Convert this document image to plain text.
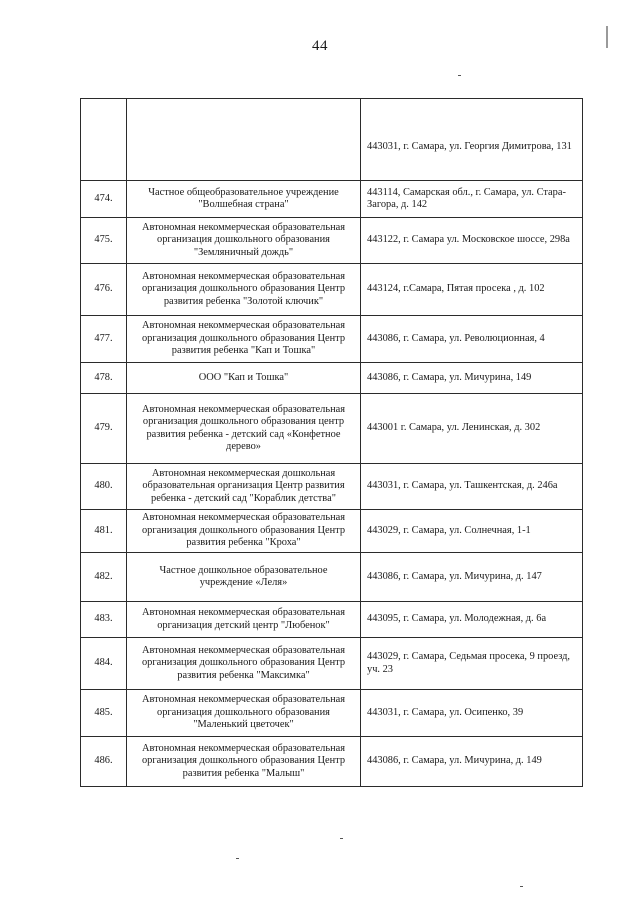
44
		443031, г. Самара, ул. Георгия Димитрова, 131
474.	Частное общеобразовательное учреждение "Волшебная страна"	443114, Самарская обл., г. Самара, ул. Стара-Загора, д. 142
475.	Автономная некоммерческая образовательная организация дошкольного образования "Земляничный дождь"	443122, г. Самара ул. Московское шоссе, 298а
476.	Автономная некоммерческая образовательная организация дошкольного образования Центр развития ребенка "Золотой ключик"	443124, г.Самара, Пятая просека , д. 102
477.	Автономная некоммерческая образовательная организация дошкольного образования Центр развития ребенка "Кап и Тошка"	443086, г. Самара, ул. Революционная, 4
478.	ООО "Кап и Тошка"	443086, г. Самара, ул. Мичурина, 149
479.	Автономная некоммерческая образовательная организация дошкольного образования центр развития ребенка - детский сад «Конфетное дерево»	443001 г. Самара, ул. Ленинская, д. 302
480.	Автономная некоммерческая дошкольная образовательная организация Центр развития ребенка - детский сад "Кораблик детства"	443031, г. Самара, ул. Ташкентская, д. 246а
481.	Автономная некоммерческая образовательная организация дошкольного образования Центр развития ребенка "Кроха"	443029, г. Самара, ул. Солнечная, 1-1
482.	Частное дошкольное образовательное учреждение «Леля»	443086, г. Самара, ул. Мичурина, д. 147
483.	Автономная некоммерческая образовательная организация детский центр "Любенок"	443095, г. Самара, ул. Молодежная, д. 6а
484.	Автономная некоммерческая образовательная организация дошкольного образования Центр развития ребенка "Максимка"	443029, г. Самара, Седьмая просека, 9 проезд, уч. 23
485.	Автономная некоммерческая образовательная организация дошкольного образования "Маленький цветочек"	443031, г. Самара, ул. Осипенко, 39
486.	Автономная некоммерческая образовательная организация дошкольного образования Центр развития ребенка "Малыш"	443086, г. Самара, ул. Мичурина, д. 149
